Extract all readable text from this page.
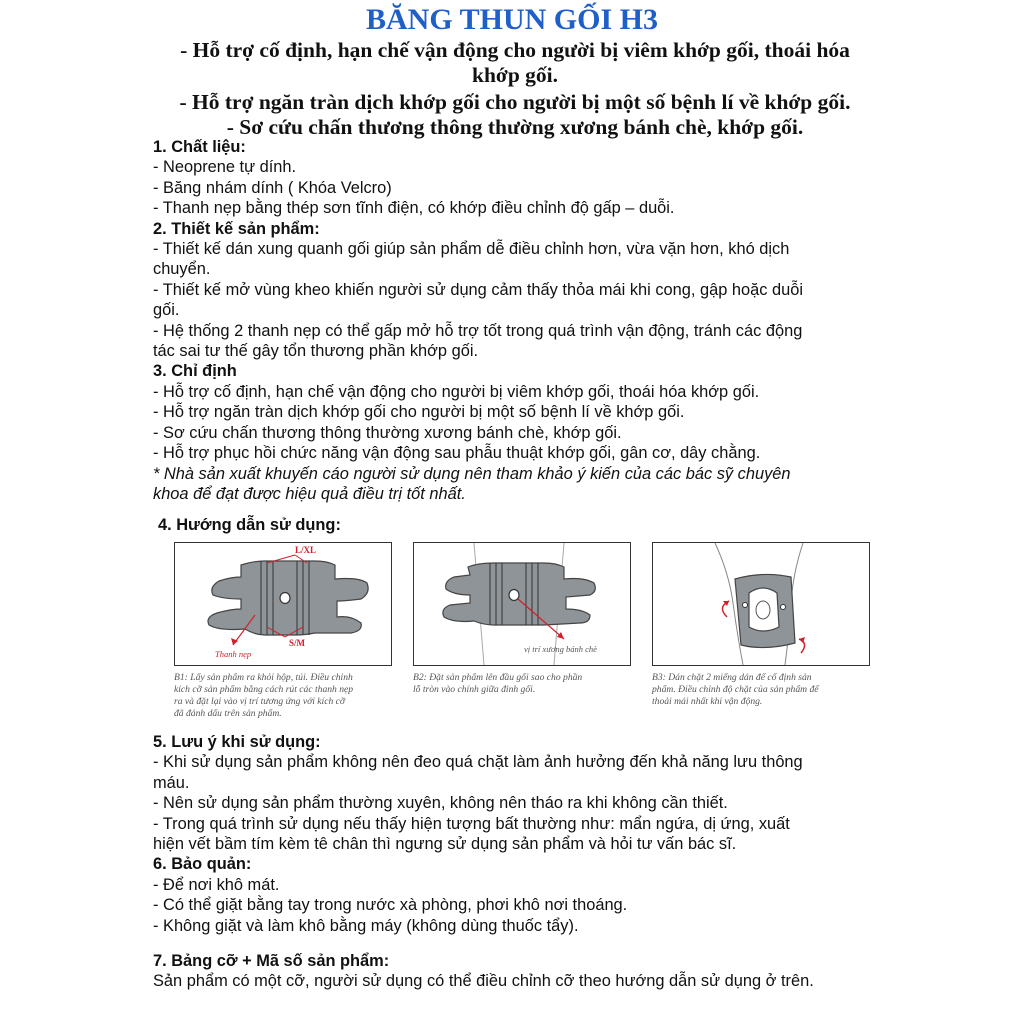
BĂNG THUN GỐI H3
- Hỗ trợ cố định, hạn chế vận động cho người bị viêm khớp gối, thoái hóa
khớp gối.
- Hỗ trợ ngăn tràn dịch khớp gối cho người bị một số bệnh lí về khớp gối.
- Sơ cứu chấn thương thông thường xương bánh chè, khớp gối.

1. Chất liệu:

- Neoprene tự dính.

- Băng nhám dính ( Khóa Velcro)

- Thanh nẹp bằng thép sơn tĩnh điện, có khớp điều chỉnh độ gấp – duỗi.

2. Thiết kế sản phẩm:

- Thiết kế dán xung quanh gối giúp sản phẩm dễ điều chỉnh hơn, vừa vặn hơn, khó dịch

chuyển.

- Thiết kế mở vùng kheo khiến người sử dụng cảm thấy thỏa mái khi cong, gập hoặc duỗi

gối.

- Hệ thống 2 thanh nẹp có thể gấp mở hỗ trợ tốt trong quá trình vận động, tránh các động

tác sai tư thế gây tổn thương phần khớp gối.

3. Chỉ định

- Hỗ trợ cố định, hạn chế vận động cho người bị viêm khớp gối, thoái hóa khớp gối.

- Hỗ trợ ngăn tràn dịch khớp gối cho người bị một số bệnh lí về khớp gối.

- Sơ cứu chấn thương thông thường xương bánh chè, khớp gối.

- Hỗ trợ phục hồi chức năng vận động sau phẫu thuật khớp gối, gân cơ, dây chằng.

* Nhà sản xuất khuyến cáo người sử dụng nên tham khảo ý kiến của các bác sỹ chuyên

khoa để đạt được hiệu quả điều trị tốt nhất.

4. Hướng dẫn sử dụng:

L/XL
S/M
Thanh nẹp	vị trí xương bánh chè

B1: Lấy sản phẩm ra khỏi hộp, túi. Điều chỉnh

kích cỡ sản phẩm bằng cách rút các thanh nẹp

ra và đặt lại vào vị trí tương ứng với kích cỡ

đã đánh dấu trên sản phẩm.

B2: Đặt sản phẩm lên đầu gối sao cho phần

lỗ tròn vào chính giữa đỉnh gối.

B3: Dán chặt 2 miếng dán để cố định sản

phẩm. Điều chỉnh độ chặt của sản phẩm để

thoải mái nhất khi vận động.

5. Lưu ý khi sử dụng:

- Khi sử dụng sản phẩm không nên đeo quá chặt làm ảnh hưởng đến khả năng lưu thông

máu.

- Nên sử dụng sản phẩm thường xuyên, không nên tháo ra khi không cần thiết.

- Trong quá trình sử dụng nếu thấy hiện tượng bất thường như: mẩn ngứa, dị ứng, xuất

hiện vết bầm tím kèm tê chân thì ngưng sử dụng sản phẩm và hỏi tư vấn bác sĩ.

6. Bảo quản:

- Để nơi khô mát.

- Có thể giặt bằng tay trong nước xà phòng, phơi khô nơi thoáng.

- Không giặt và làm khô bằng máy (không dùng thuốc tẩy).

7. Bảng cỡ + Mã số sản phẩm:

Sản phẩm có một cỡ, người sử dụng có thể điều chỉnh cỡ theo hướng dẫn sử dụng ở trên.
